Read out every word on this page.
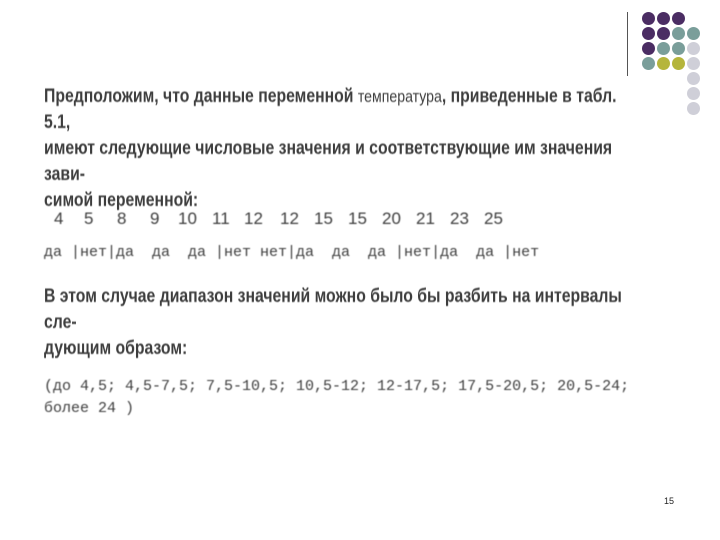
Предположим, что данные переменной температура, приведенные в табл. 5.1,
имеют следующие числовые значения и соответствующие им значения зави-
симой переменной:

4 5 8 9 10 11 12 12 15 15 20 21 23 25
да |нет|да  да  да |нет нет|да  да  да |нет|да  да |нет

В этом случае диапазон значений можно было бы разбить на интервалы сле-
дующим образом:

(до 4,5; 4,5-7,5; 7,5-10,5; 10,5-12; 12-17,5; 17,5-20,5; 20,5-24;
более 24 )
15
